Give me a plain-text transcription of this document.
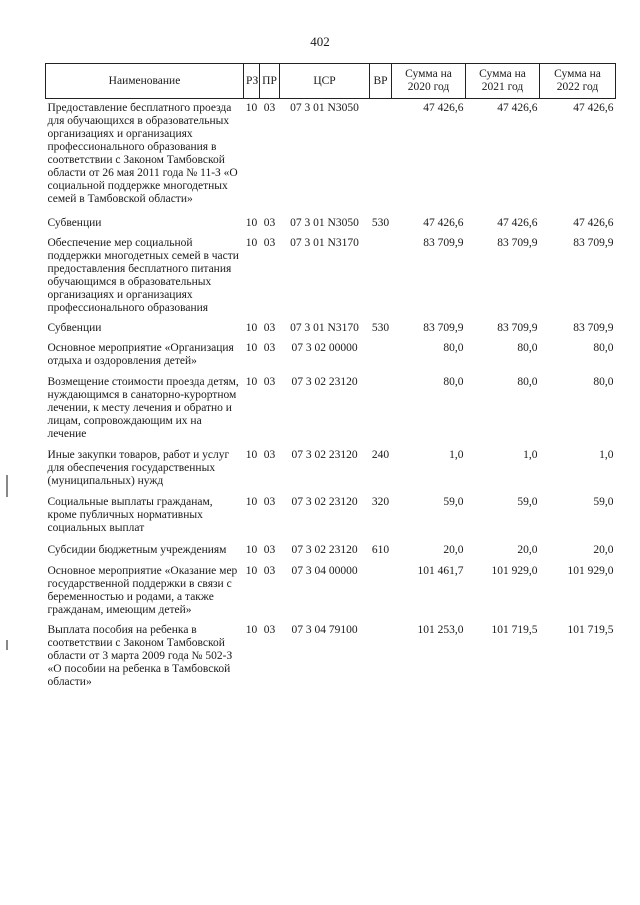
402
Наименование	РЗ	ПР	ЦСР	ВР	Сумма на 2020 год	Сумма на 2021 год	Сумма на 2022 год
Предоставление бесплатного проезда для обучающихся в образовательных организациях и организациях профессионального образования в соответствии с Законом Тамбовской области от 26 мая 2011 года № 11-З «О социальной поддержке многодетных семей в Тамбовской области»	10	03	07 3 01 N3050		47 426,6	47 426,6	47 426,6
Субвенции	10	03	07 3 01 N3050	530	47 426,6	47 426,6	47 426,6
Обеспечение мер социальной поддержки многодетных семей в части предоставления бесплатного питания обучающимся в образовательных организациях и организациях профессионального образования	10	03	07 3 01 N3170		83 709,9	83 709,9	83 709,9
Субвенции	10	03	07 3 01 N3170	530	83 709,9	83 709,9	83 709,9
Основное мероприятие «Организация отдыха и оздоровления детей»	10	03	07 3 02 00000		80,0	80,0	80,0
Возмещение стоимости проезда детям, нуждающимся в санаторно-курортном лечении, к месту лечения и обратно и лицам, сопровождающим их на лечение	10	03	07 3 02 23120		80,0	80,0	80,0
Иные закупки товаров, работ и услуг для обеспечения государственных (муниципальных) нужд	10	03	07 3 02 23120	240	1,0	1,0	1,0
Социальные выплаты гражданам, кроме публичных нормативных социальных выплат	10	03	07 3 02 23120	320	59,0	59,0	59,0
Субсидии бюджетным учреждениям	10	03	07 3 02 23120	610	20,0	20,0	20,0
Основное мероприятие «Оказание мер государственной поддержки в связи с беременностью и родами, а также гражданам, имеющим детей»	10	03	07 3 04 00000		101 461,7	101 929,0	101 929,0
Выплата пособия на ребенка в соответствии с Законом Тамбовской области от 3 марта 2009 года № 502-З «О пособии на ребенка в Тамбовской области»	10	03	07 3 04 79100		101 253,0	101 719,5	101 719,5
